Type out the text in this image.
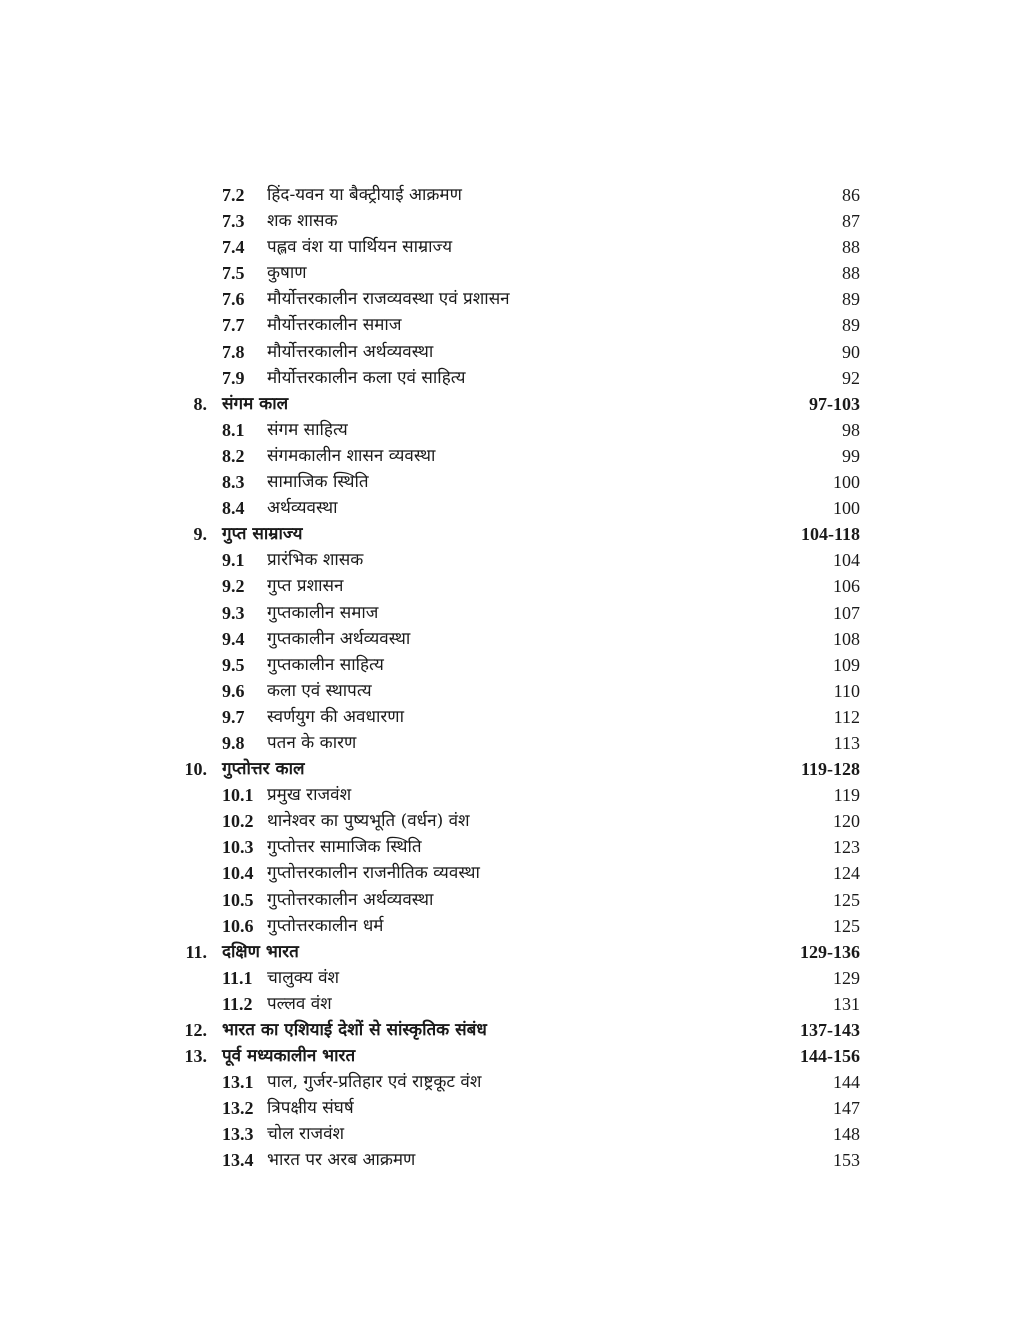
7.2 हिंद-यवन या बैक्ट्रीयाई आक्रमण	86
7.3 शक शासक	87
7.4 पह्लव वंश या पार्थियन साम्राज्य	88
7.5 कुषाण	88
7.6 मौर्योत्तरकालीन राजव्यवस्था एवं प्रशासन	89
7.7 मौर्योत्तरकालीन समाज	89
7.8 मौर्योत्तरकालीन अर्थव्यवस्था	90
7.9 मौर्योत्तरकालीन कला एवं साहित्य	92
8. संगम काल	97-103
8.1 संगम साहित्य	98
8.2 संगमकालीन शासन व्यवस्था	99
8.3 सामाजिक स्थिति	100
8.4 अर्थव्यवस्था	100
9. गुप्त साम्राज्य	104-118
9.1 प्रारंभिक शासक	104
9.2 गुप्त प्रशासन	106
9.3 गुप्तकालीन समाज	107
9.4 गुप्तकालीन अर्थव्यवस्था	108
9.5 गुप्तकालीन साहित्य	109
9.6 कला एवं स्थापत्य	110
9.7 स्वर्णयुग की अवधारणा	112
9.8 पतन के कारण	113
10. गुप्तोत्तर काल	119-128
10.1 प्रमुख राजवंश	119
10.2 थानेश्वर का पुष्यभूति (वर्धन) वंश	120
10.3 गुप्तोत्तर सामाजिक स्थिति	123
10.4 गुप्तोत्तरकालीन राजनीतिक व्यवस्था	124
10.5 गुप्तोत्तरकालीन अर्थव्यवस्था	125
10.6 गुप्तोत्तरकालीन धर्म	125
11. दक्षिण भारत	129-136
11.1 चालुक्य वंश	129
11.2 पल्लव वंश	131
12. भारत का एशियाई देशों से सांस्कृतिक संबंध	137-143
13. पूर्व मध्यकालीन भारत	144-156
13.1 पाल, गुर्जर-प्रतिहार एवं राष्ट्रकूट वंश	144
13.2 त्रिपक्षीय संघर्ष	147
13.3 चोल राजवंश	148
13.4 भारत पर अरब आक्रमण	153
